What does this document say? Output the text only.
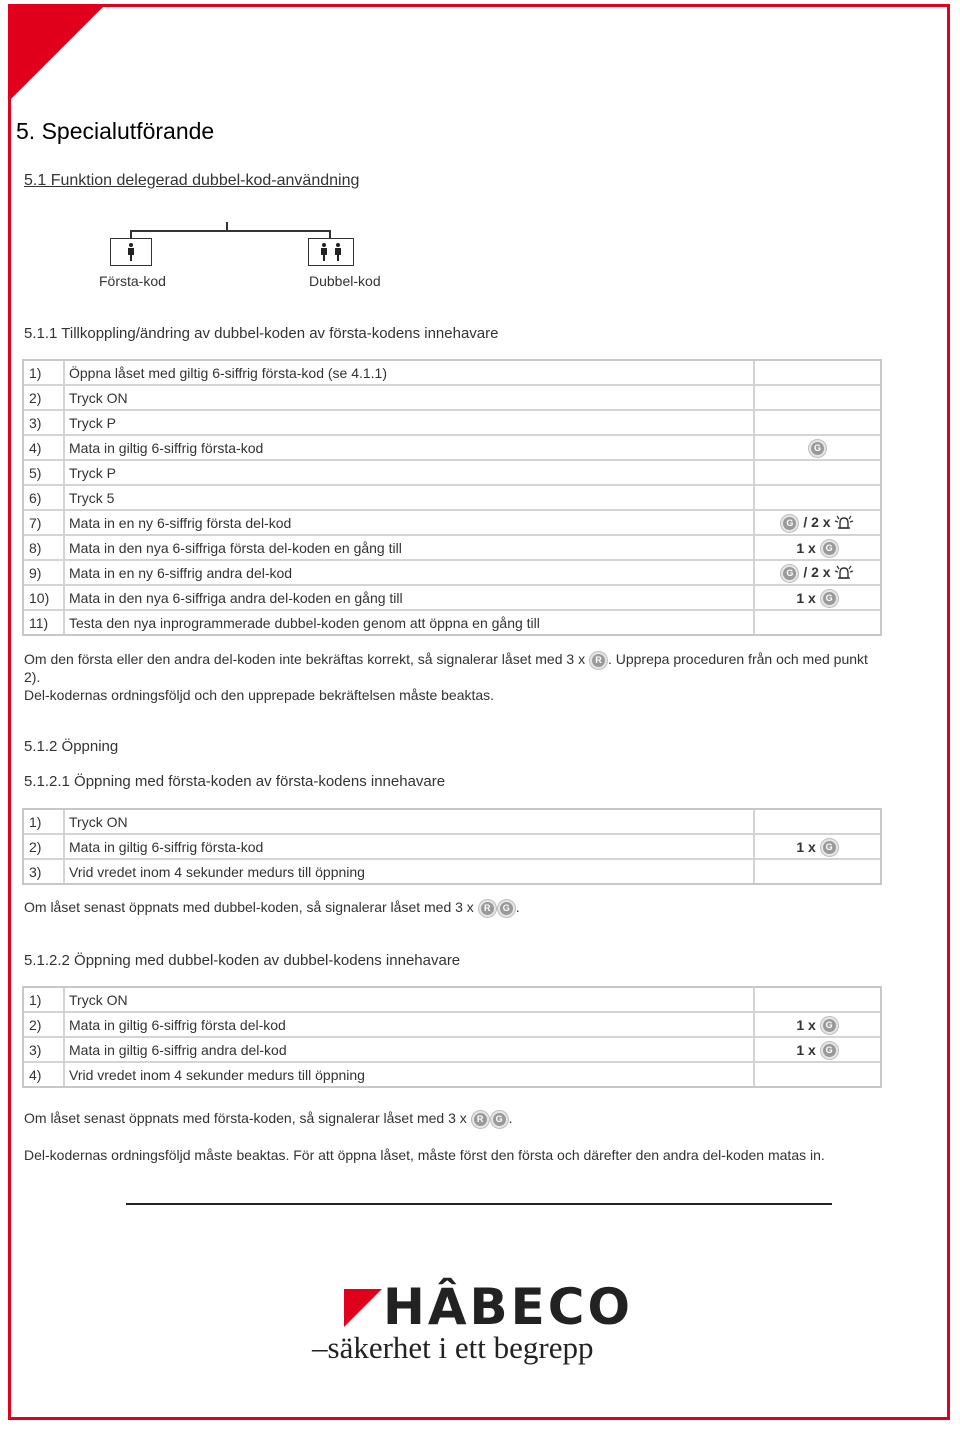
5. Specialutförande
5.1 Funktion delegerad dubbel-kod-användning
Första-kod	Dubbel-kod
5.1.1 Tillkoppling/ändring av dubbel-koden av första-kodens innehavare
1)	Öppna låset med giltig 6-siffrig första-kod (se 4.1.1)	
2)	Tryck ON	
3)	Tryck P	
4)	Mata in giltig 6-siffrig första-kod	G
5)	Tryck P	
6)	Tryck 5	
7)	Mata in en ny 6-siffrig första del-kod	G / 2 x
8)	Mata in den nya 6-siffriga första del-koden en gång till	1 x G
9)	Mata in en ny 6-siffrig andra del-kod	G / 2 x
10)	Mata in den nya 6-siffriga andra del-koden en gång till	1 x G
11)	Testa den nya inprogrammerade dubbel-koden genom att öppna en gång till	
Om den första eller den andra del-koden inte bekräftas korrekt, så signalerar låset med 3 x R . Upprepa proceduren från och med punkt 2).
Del-kodernas ordningsföljd och den upprepade bekräftelsen måste beaktas.
5.1.2 Öppning
5.1.2.1 Öppning med första-koden av första-kodens innehavare
1)	Tryck ON	
2)	Mata in giltig 6-siffrig första-kod	1 x G
3)	Vrid vredet inom 4 sekunder medurs till öppning	
Om låset senast öppnats med dubbel-koden, så signalerar låset med 3 x R G .
5.1.2.2 Öppning med dubbel-koden av dubbel-kodens innehavare
1)	Tryck ON	
2)	Mata in giltig 6-siffrig första del-kod	1 x G
3)	Mata in giltig 6-siffrig andra del-kod	1 x G
4)	Vrid vredet inom 4 sekunder medurs till öppning	
Om låset senast öppnats med första-koden, så signalerar låset med 3 x R G .
Del-kodernas ordningsföljd måste beaktas. För att öppna låset, måste först den första och därefter den andra del-koden matas in.
HÂBECO
–säkerhet i ett begrepp
